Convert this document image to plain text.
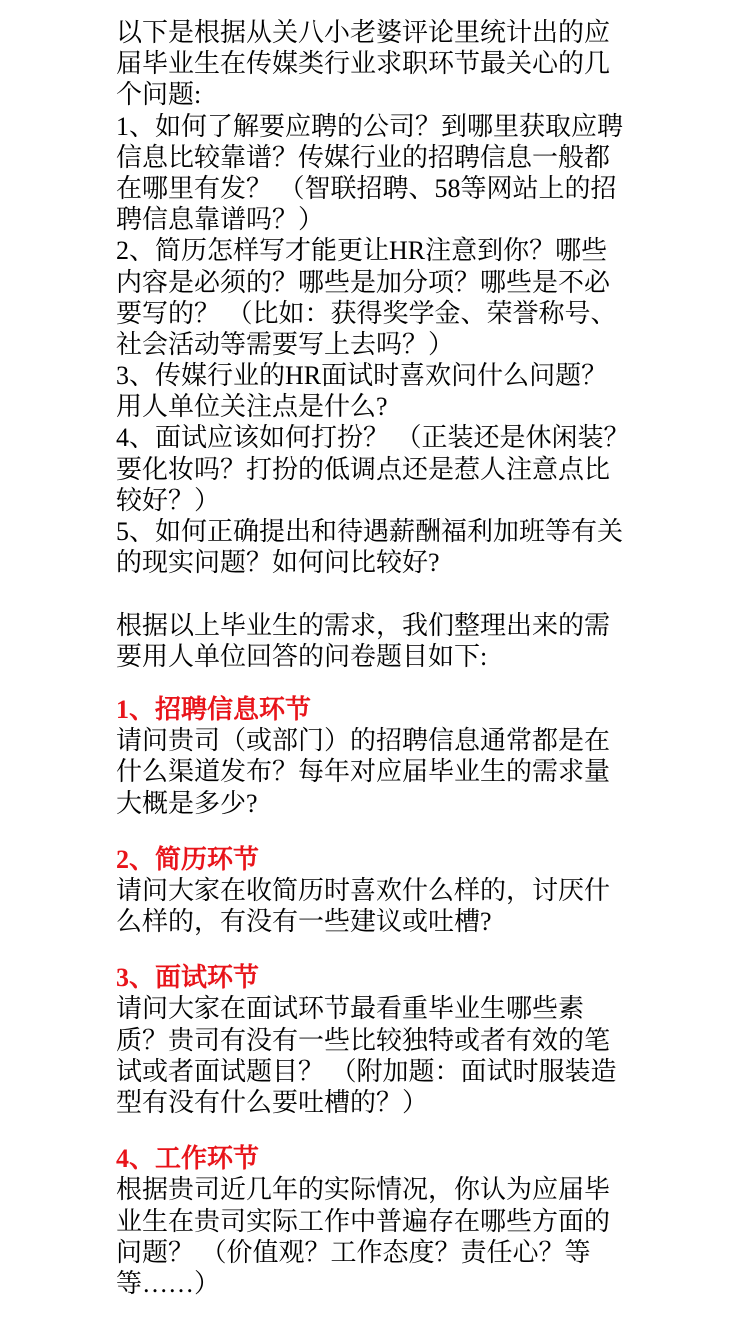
以下是根据从关八小老婆评论里统计出的应
届毕业生在传媒类行业求职环节最关心的几
个问题:
1、如何了解要应聘的公司？到哪里获取应聘
信息比较靠谱？传媒行业的招聘信息一般都
在哪里有发？ （智联招聘、58等网站上的招
聘信息靠谱吗？）
2、简历怎样写才能更让HR注意到你？哪些
内容是必须的？哪些是加分项？哪些是不必
要写的？ （比如：获得奖学金、荣誉称号、
社会活动等需要写上去吗？）
3、传媒行业的HR面试时喜欢问什么问题？
用人单位关注点是什么?
4、面试应该如何打扮？ （正装还是休闲装？
要化妆吗？打扮的低调点还是惹人注意点比
较好？）
5、如何正确提出和待遇薪酬福利加班等有关
的现实问题？如何问比较好?
根据以上毕业生的需求，我们整理出来的需
要用人单位回答的问卷题目如下:
1、招聘信息环节
请问贵司（或部门）的招聘信息通常都是在
什么渠道发布？每年对应届毕业生的需求量
大概是多少?
2、简历环节
请问大家在收简历时喜欢什么样的，讨厌什
么样的，有没有一些建议或吐槽?
3、面试环节
请问大家在面试环节最看重毕业生哪些素
质？贵司有没有一些比较独特或者有效的笔
试或者面试题目？ （附加题：面试时服装造
型有没有什么要吐槽的？）
4、工作环节
根据贵司近几年的实际情况，你认为应届毕
业生在贵司实际工作中普遍存在哪些方面的
问题？ （价值观？工作态度？责任心？等
等……）
